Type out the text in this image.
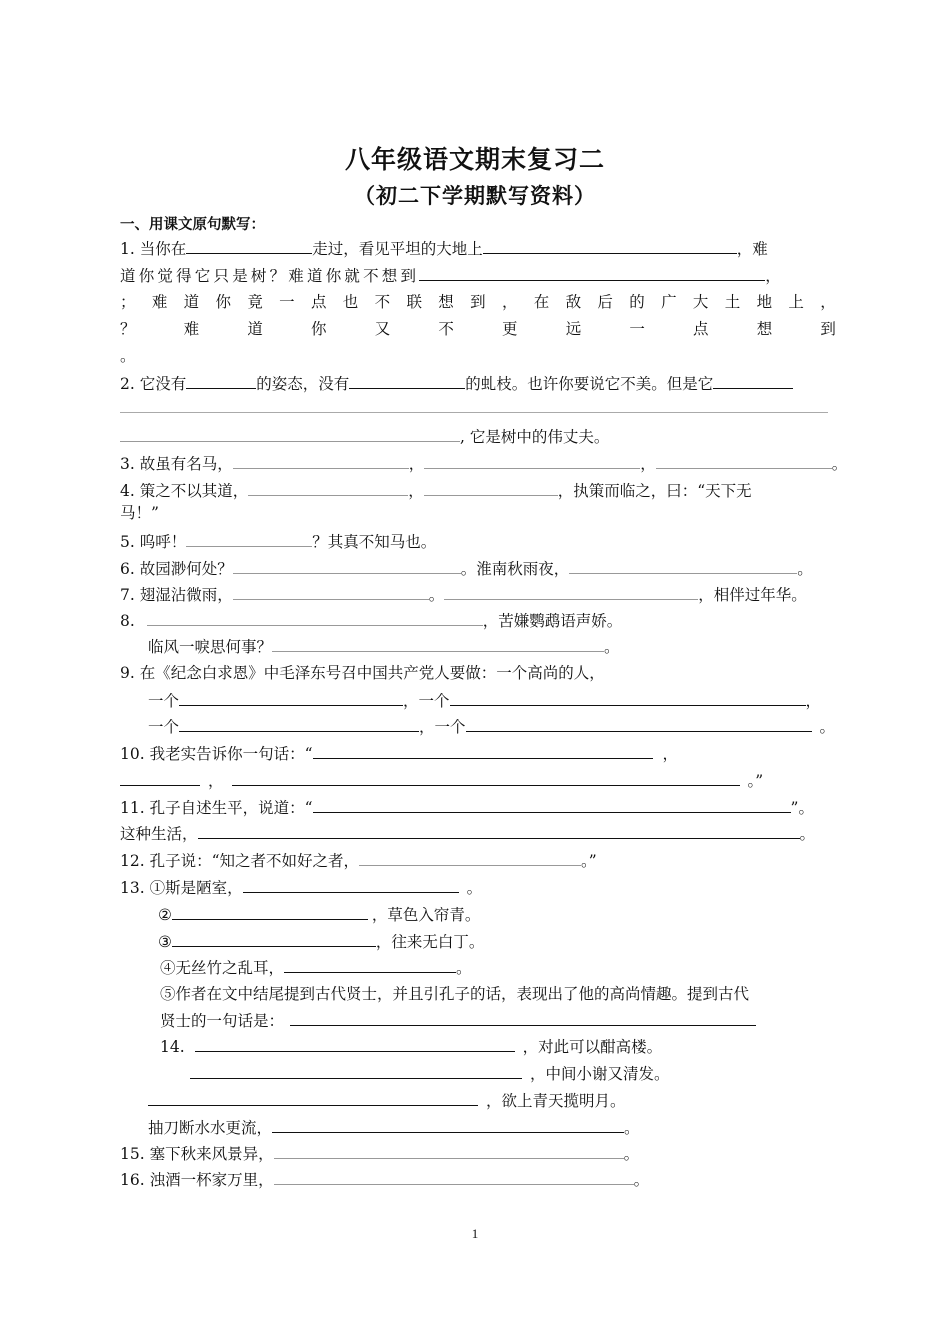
八年级语文期末复习二
（初二下学期默写资料）
一、用课文原句默写：
1. 当你在	走过，看见平坦的大地上	，难
道你觉得它只是树？难道你就不想到	，
； 难 道 你 竟 一 点 也 不 联 想 到 ， 在 敌 后 的 广 大 土 地 上 ，
？	难	道	你	又	不	更	远	一	点	想	到
。
2. 它没有	的姿态，没有	的虬枝。也许你要说它不美。但是它
, 它是树中的伟丈夫。
3. 故虽有名马，	，	，	。
4. 策之不以其道，	，	，执策而临之，曰：“天下无
马！”
5. 呜呼！	？其真不知马也。
6. 故园渺何处？	。淮南秋雨夜，	。
7. 翅湿沾微雨，	。	，相伴过年华。
8.	，苦嫌鹦鹉语声娇。
临风一唳思何事？	。
9. 在《纪念白求恩》中毛泽东号召中国共产党人要做：一个高尚的人，
一个	，一个	，
一个	，一个	。
10. 我老实告诉你一句话：“	，
，	。”
11. 孔子自述生平，说道：“	”。
这种生活，	。
12. 孔子说：“知之者不如好之者，	。”
13. ①斯是陋室，	。
②	，草色入帘青。
③	，往来无白丁。
④无丝竹之乱耳，	。
⑤作者在文中结尾提到古代贤士，并且引孔子的话，表现出了他的高尚情趣。提到古代
贤士的一句话是：
14.	，对此可以酣高楼。
，中间小谢又清发。
，欲上青天揽明月。
抽刀断水水更流，	。
15. 塞下秋来风景异，	。
16. 浊酒一杯家万里，	。
1
